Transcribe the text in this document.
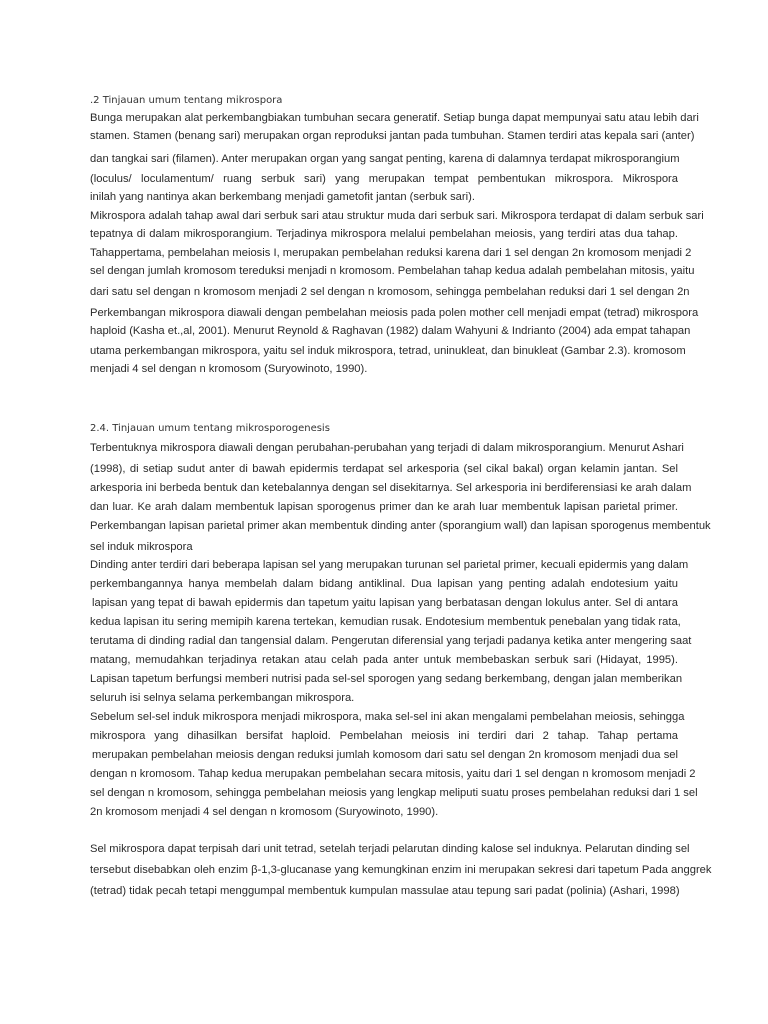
.2 Tinjauan umum tentang mikrospora
Bunga merupakan alat perkembangbiakan tumbuhan secara generatif. Setiap bunga dapat mempunyai satu atau lebih dari
stamen. Stamen (benang sari) merupakan organ reproduksi jantan pada tumbuhan. Stamen terdiri atas kepala sari (anter)
dan tangkai sari (filamen). Anter merupakan organ yang sangat penting, karena di dalamnya terdapat mikrosporangium
(loculus/ loculamentum/ ruang serbuk sari) yang merupakan tempat pembentukan mikrospora. Mikrospora
inilah yang nantinya akan berkembang menjadi gametofit jantan (serbuk sari).
Mikrospora adalah tahap awal dari serbuk sari atau struktur muda dari serbuk sari. Mikrospora terdapat di dalam serbuk sari
tepatnya di dalam mikrosporangium. Terjadinya mikrospora melalui pembelahan meiosis, yang terdiri atas dua tahap.
Tahappertama, pembelahan meiosis I, merupakan pembelahan reduksi karena dari 1 sel dengan 2n kromosom menjadi 2
sel dengan jumlah kromosom tereduksi menjadi n kromosom. Pembelahan tahap kedua adalah pembelahan mitosis, yaitu
dari satu sel dengan n kromosom menjadi 2 sel dengan n kromosom, sehingga pembelahan reduksi dari 1 sel dengan 2n
Perkembangan mikrospora diawali dengan pembelahan meiosis pada polen mother cell menjadi empat (tetrad) mikrospora
haploid (Kasha et.,al, 2001). Menurut Reynold & Raghavan (1982) dalam Wahyuni & Indrianto (2004) ada empat tahapan
utama perkembangan mikrospora, yaitu sel induk mikrospora, tetrad, uninukleat, dan binukleat (Gambar 2.3). kromosom
menjadi 4 sel dengan n kromosom (Suryowinoto, 1990).
2.4. Tinjauan umum tentang mikrosporogenesis
Terbentuknya mikrospora diawali dengan perubahan-perubahan yang terjadi di dalam mikrosporangium. Menurut Ashari
(1998), di setiap sudut anter di bawah epidermis terdapat sel arkesporia (sel cikal bakal) organ kelamin jantan. Sel
arkesporia ini berbeda bentuk dan ketebalannya dengan sel disekitarnya. Sel arkesporia ini berdiferensiasi ke arah dalam
dan luar. Ke arah dalam membentuk lapisan sporogenus primer dan ke arah luar membentuk lapisan parietal primer.
Perkembangan lapisan parietal primer akan membentuk dinding anter (sporangium wall) dan lapisan sporogenus membentuk
sel induk mikrospora
Dinding anter terdiri dari beberapa lapisan sel yang merupakan turunan sel parietal primer, kecuali epidermis yang dalam
perkembangannya hanya membelah dalam bidang antiklinal. Dua lapisan yang penting adalah endotesium yaitu
lapisan yang tepat di bawah epidermis dan tapetum yaitu lapisan yang berbatasan dengan lokulus anter. Sel di antara
kedua lapisan itu sering memipih karena tertekan, kemudian rusak. Endotesium membentuk penebalan yang tidak rata,
terutama di dinding radial dan tangensial dalam. Pengerutan diferensial yang terjadi padanya ketika anter mengering saat
matang, memudahkan terjadinya retakan atau celah pada anter untuk membebaskan serbuk sari (Hidayat, 1995).
Lapisan tapetum berfungsi memberi nutrisi pada sel-sel sporogen yang sedang berkembang, dengan jalan memberikan
seluruh isi selnya selama perkembangan mikrospora.
Sebelum sel-sel induk mikrospora menjadi mikrospora, maka sel-sel ini akan mengalami pembelahan meiosis, sehingga
mikrospora yang dihasilkan bersifat haploid. Pembelahan meiosis ini terdiri dari 2 tahap. Tahap pertama
merupakan pembelahan meiosis dengan reduksi jumlah komosom dari satu sel dengan 2n kromosom menjadi dua sel
dengan n kromosom. Tahap kedua merupakan pembelahan secara mitosis, yaitu dari 1 sel dengan n kromosom menjadi 2
sel dengan n kromosom, sehingga pembelahan meiosis yang lengkap meliputi suatu proses pembelahan reduksi dari 1 sel
2n kromosom menjadi 4 sel dengan n kromosom (Suryowinoto, 1990).
Sel mikrospora dapat terpisah dari unit tetrad, setelah terjadi pelarutan dinding kalose sel induknya. Pelarutan dinding sel
tersebut disebabkan oleh enzim β-1,3-glucanase yang kemungkinan enzim ini merupakan sekresi dari tapetum Pada anggrek
(tetrad) tidak pecah tetapi menggumpal membentuk kumpulan massulae atau tepung sari padat (polinia) (Ashari, 1998)
